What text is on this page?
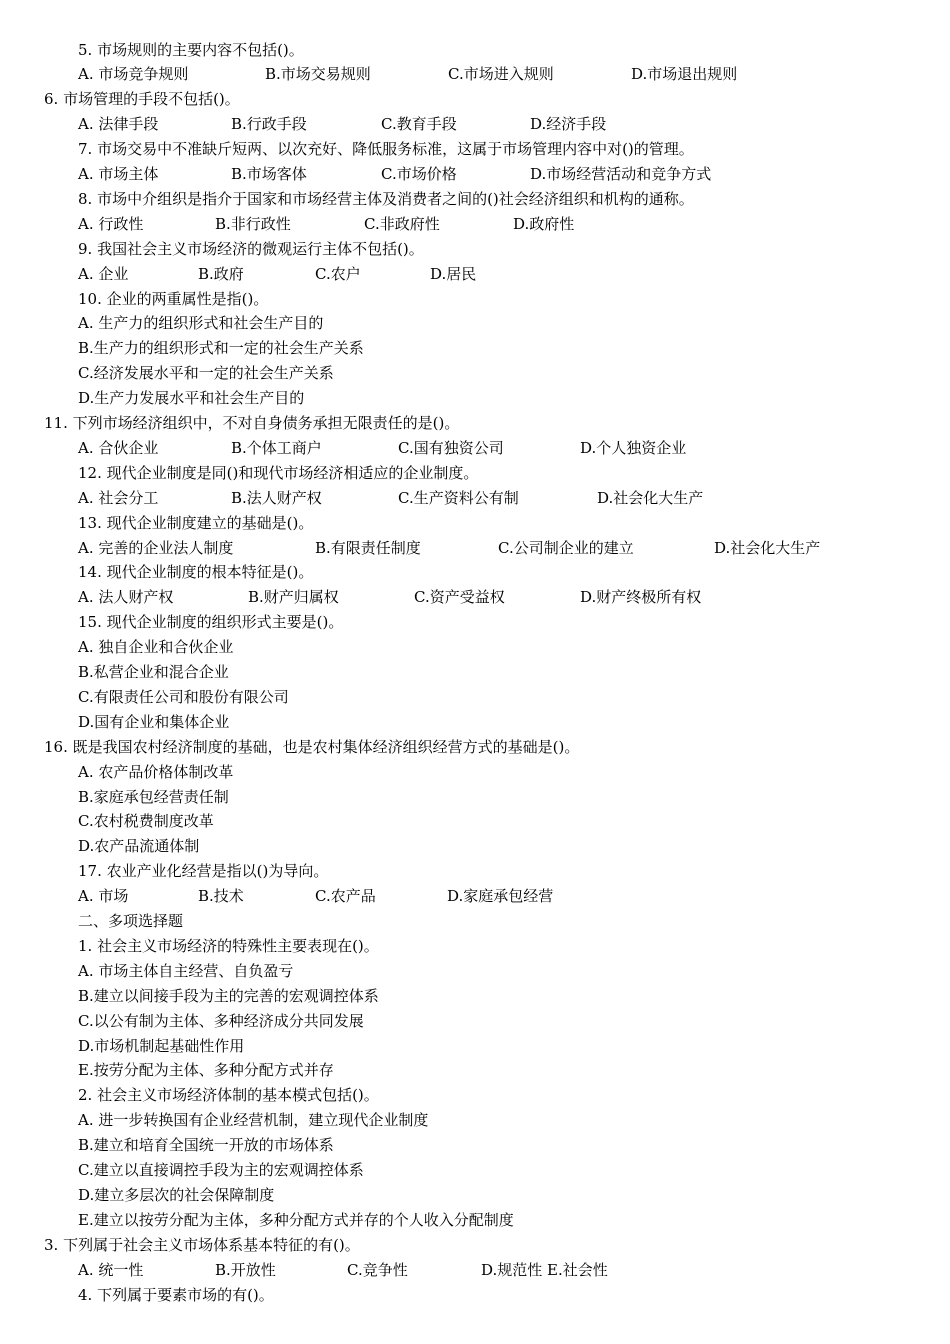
5. 市场规则的主要内容不包括()。
A. 市场竞争规则	B.市场交易规则	C.市场进入规则	D.市场退出规则
6. 市场管理的手段不包括()。
A. 法律手段	B.行政手段	C.教育手段	D.经济手段
7. 市场交易中不准缺斤短两、以次充好、降低服务标准，这属于市场管理内容中对()的管理。
A. 市场主体	B.市场客体	C.市场价格	D.市场经营活动和竞争方式
8. 市场中介组织是指介于国家和市场经营主体及消费者之间的()社会经济组织和机构的通称。
A. 行政性	B.非行政性	C.非政府性	D.政府性
9. 我国社会主义市场经济的微观运行主体不包括()。
A. 企业	B.政府	C.农户	D.居民
10. 企业的两重属性是指()。
A. 生产力的组织形式和社会生产目的
B.生产力的组织形式和一定的社会生产关系
C.经济发展水平和一定的社会生产关系
D.生产力发展水平和社会生产目的
11. 下列市场经济组织中，不对自身债务承担无限责任的是()。
A. 合伙企业	B.个体工商户	C.国有独资公司	D.个人独资企业
12. 现代企业制度是同()和现代市场经济相适应的企业制度。
A. 社会分工	B.法人财产权	C.生产资料公有制	D.社会化大生产
13. 现代企业制度建立的基础是()。
A. 完善的企业法人制度	B.有限责任制度	C.公司制企业的建立	D.社会化大生产
14. 现代企业制度的根本特征是()。
A. 法人财产权	B.财产归属权	C.资产受益权	D.财产终极所有权
15. 现代企业制度的组织形式主要是()。
A. 独自企业和合伙企业
B.私营企业和混合企业
C.有限责任公司和股份有限公司
D.国有企业和集体企业
16. 既是我国农村经济制度的基础，也是农村集体经济组织经营方式的基础是()。
A. 农产品价格体制改革
B.家庭承包经营责任制
C.农村税费制度改革
D.农产品流通体制
17. 农业产业化经营是指以()为导向。
A. 市场	B.技术	C.农产品	D.家庭承包经营
二、多项选择题
1. 社会主义市场经济的特殊性主要表现在()。
A. 市场主体自主经营、自负盈亏
B.建立以间接手段为主的完善的宏观调控体系
C.以公有制为主体、多种经济成分共同发展
D.市场机制起基础性作用
E.按劳分配为主体、多种分配方式并存
2. 社会主义市场经济体制的基本模式包括()。
A. 进一步转换国有企业经营机制，建立现代企业制度
B.建立和培育全国统一开放的市场体系
C.建立以直接调控手段为主的宏观调控体系
D.建立多层次的社会保障制度
E.建立以按劳分配为主体，多种分配方式并存的个人收入分配制度
3. 下列属于社会主义市场体系基本特征的有()。
A. 统一性	B.开放性	C.竞争性	D.规范性 E.社会性
4. 下列属于要素市场的有()。
